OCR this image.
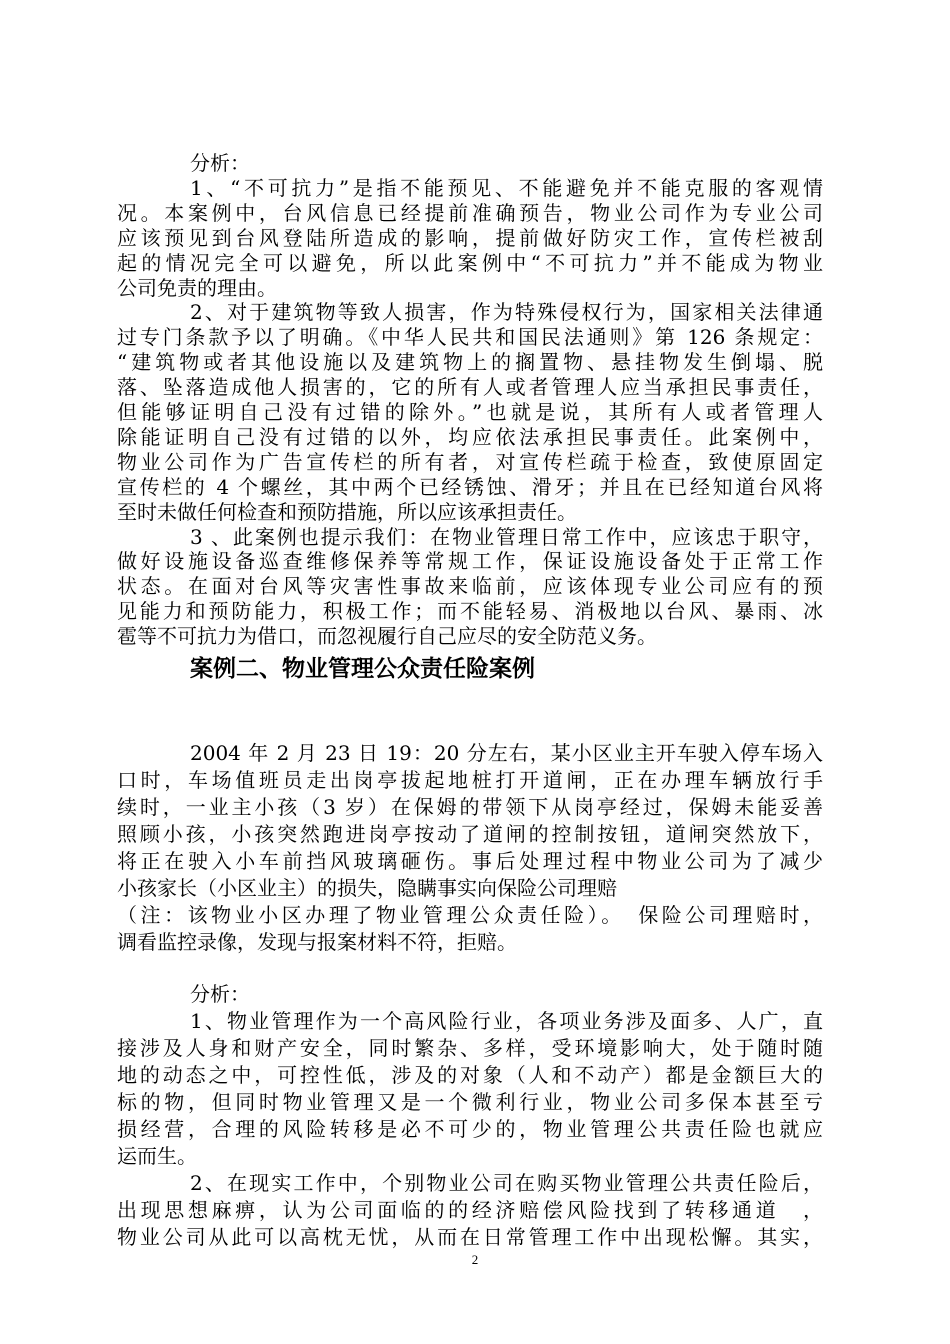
分析：
1、“不可抗力”是指不能预见、不能避免并不能克服的客观情
况。本案例中，台风信息已经提前准确预告，物业公司作为专业公司
应该预见到台风登陆所造成的影响，提前做好防灾工作，宣传栏被刮
起的情况完全可以避免，所以此案例中“不可抗力”并不能成为物业
公司免责的理由。
2、对于建筑物等致人损害，作为特殊侵权行为，国家相关法律通
过专门条款予以了明确。《中华人民共和国民法通则》第 126 条规定：
“建筑物或者其他设施以及建筑物上的搁置物、悬挂物发生倒塌、脱
落、坠落造成他人损害的，它的所有人或者管理人应当承担民事责任，
但能够证明自己没有过错的除外。”也就是说，其所有人或者管理人
除能证明自己没有过错的以外，均应依法承担民事责任。此案例中，
物业公司作为广告宣传栏的所有者，对宣传栏疏于检查，致使原固定
宣传栏的 4 个螺丝，其中两个已经锈蚀、滑牙；并且在已经知道台风将
至时未做任何检查和预防措施，所以应该承担责任。
3 、此案例也提示我们：在物业管理日常工作中，应该忠于职守，
做好设施设备巡查维修保养等常规工作，保证设施设备处于正常工作
状态。在面对台风等灾害性事故来临前，应该体现专业公司应有的预
见能力和预防能力，积极工作；而不能轻易、消极地以台风、暴雨、冰
案例二、物业管理公众责任险案例
2004 年 2 月 23 日 19：20 分左右，某小区业主开车驶入停车场入
口时，车场值班员走出岗亭拔起地桩打开道闸，正在办理车辆放行手
续时，一业主小孩（3 岁）在保姆的带领下从岗亭经过，保姆未能妥善
照顾小孩，小孩突然跑进岗亭按动了道闸的控制按钮，道闸突然放下，
将正在驶入小车前挡风玻璃砸伤。事后处理过程中物业公司为了减少
小孩家长（小区业主）的损失，隐瞒事实向保险公司理赔
（注：该物业小区办理了物业管理公众责任险）。　保险公司理赔时，
调看监控录像，发现与报案材料不符，拒赔。
分析：
1、物业管理作为一个高风险行业，各项业务涉及面多、人广，直
接涉及人身和财产安全，同时繁杂、多样，受环境影响大，处于随时随
地的动态之中，可控性低，涉及的对象（人和不动产）都是金额巨大的
标的物，但同时物业管理又是一个微利行业，物业公司多保本甚至亏
损经营，合理的风险转移是必不可少的，物业管理公共责任险也就应
运而生。
2、在现实工作中，个别物业公司在购买物业管理公共责任险后，
出现思想麻痹，认为公司面临的的经济赔偿风险找到了转移通道　，
物业公司从此可以高枕无忧，从而在日常管理工作中出现松懈。其实，
2
雹等不可抗力为借口，而忽视履行自己应尽的安全防范义务。
